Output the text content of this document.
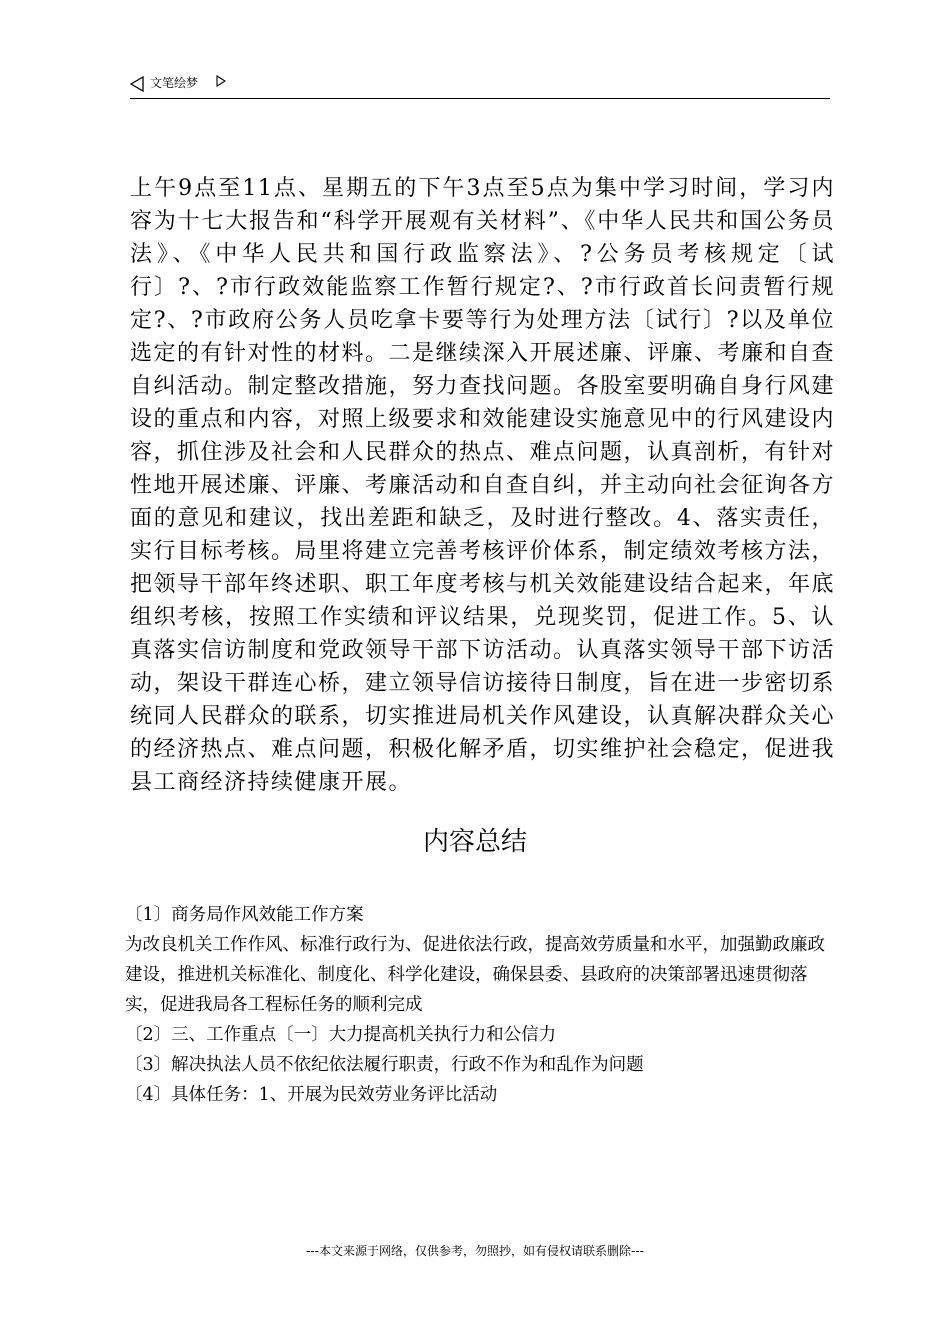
文笔绘梦

上午9点至11点、星期五的下午3点至5点为集中学习时间，学习内容为十七大报告和“科学开展观有关材料”、《中华人民共和国公务员法》、《中华人民共和国行政监察法》、?公务员考核规定〔试行〕?、?市行政效能监察工作暂行规定?、?市行政首长问责暂行规定?、?市政府公务人员吃拿卡要等行为处理方法〔试行〕?以及单位选定的有针对性的材料。二是继续深入开展述廉、评廉、考廉和自查自纠活动。制定整改措施，努力查找问题。各股室要明确自身行风建设的重点和内容，对照上级要求和效能建设实施意见中的行风建设内容，抓住涉及社会和人民群众的热点、难点问题，认真剖析，有针对性地开展述廉、评廉、考廉活动和自查自纠，并主动向社会征询各方面的意见和建议，找出差距和缺乏，及时进行整改。4、落实责任，实行目标考核。局里将建立完善考核评价体系，制定绩效考核方法，把领导干部年终述职、职工年度考核与机关效能建设结合起来，年底组织考核，按照工作实绩和评议结果，兑现奖罚，促进工作。5、认真落实信访制度和党政领导干部下访活动。认真落实领导干部下访活动，架设干群连心桥，建立领导信访接待日制度，旨在进一步密切系统同人民群众的联系，切实推进局机关作风建设，认真解决群众关心的经济热点、难点问题，积极化解矛盾，切实维护社会稳定，促进我县工商经济持续健康开展。

内容总结
〔1〕商务局作风效能工作方案
为改良机关工作作风、标准行政行为、促进依法行政，提高效劳质量和水平，加强勤政廉政建设，推进机关标准化、制度化、科学化建设，确保县委、县政府的决策部署迅速贯彻落实，促进我局各工程标任务的顺利完成
〔2〕三、工作重点〔一〕大力提高机关执行力和公信力
〔3〕解决执法人员不依纪依法履行职责，行政不作为和乱作为问题
〔4〕具体任务：1、开展为民效劳业务评比活动
---本文来源于网络，仅供参考，勿照抄，如有侵权请联系删除---
